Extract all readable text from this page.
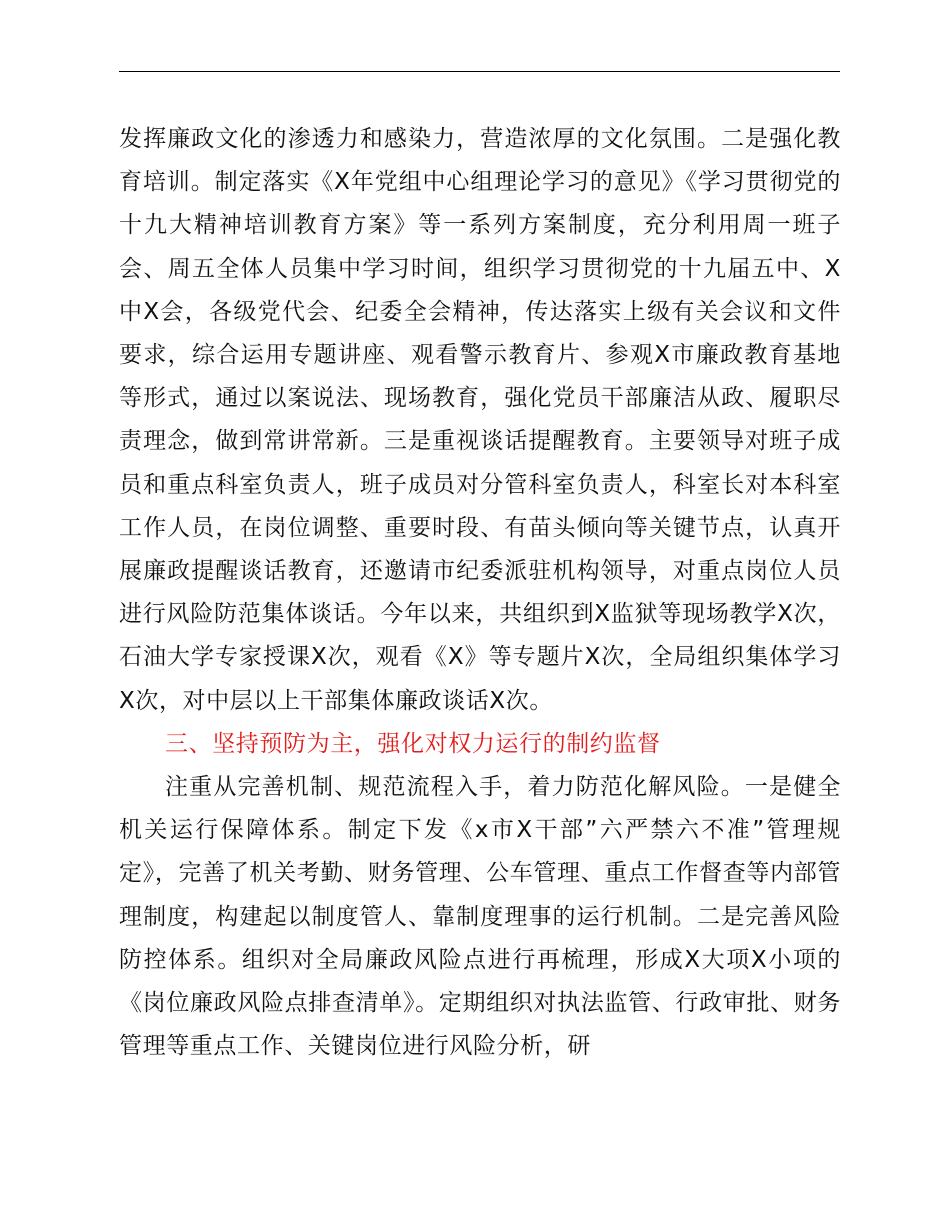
发挥廉政文化的渗透力和感染力，营造浓厚的文化氛围。二是强化教育培训。制定落实《X年党组中心组理论学习的意见》《学习贯彻党的十九大精神培训教育方案》等一系列方案制度，充分利用周一班子会、周五全体人员集中学习时间，组织学习贯彻党的十九届五中、X中X会，各级党代会、纪委全会精神，传达落实上级有关会议和文件要求，综合运用专题讲座、观看警示教育片、参观X市廉政教育基地等形式，通过以案说法、现场教育，强化党员干部廉洁从政、履职尽责理念，做到常讲常新。三是重视谈话提醒教育。主要领导对班子成员和重点科室负责人，班子成员对分管科室负责人，科室长对本科室工作人员，在岗位调整、重要时段、有苗头倾向等关键节点，认真开展廉政提醒谈话教育，还邀请市纪委派驻机构领导，对重点岗位人员进行风险防范集体谈话。今年以来，共组织到X监狱等现场教学X次，石油大学专家授课X次，观看《X》等专题片X次，全局组织集体学习X次，对中层以上干部集体廉政谈话X次。

三、坚持预防为主，强化对权力运行的制约监督

注重从完善机制、规范流程入手，着力防范化解风险。一是健全机关运行保障体系。制定下发《x市X干部”六严禁六不准”管理规定》，完善了机关考勤、财务管理、公车管理、重点工作督查等内部管理制度，构建起以制度管人、靠制度理事的运行机制。二是完善风险防控体系。组织对全局廉政风险点进行再梳理，形成X大项X小项的《岗位廉政风险点排查清单》。定期组织对执法监管、行政审批、财务管理等重点工作、关键岗位进行风险分析，研
